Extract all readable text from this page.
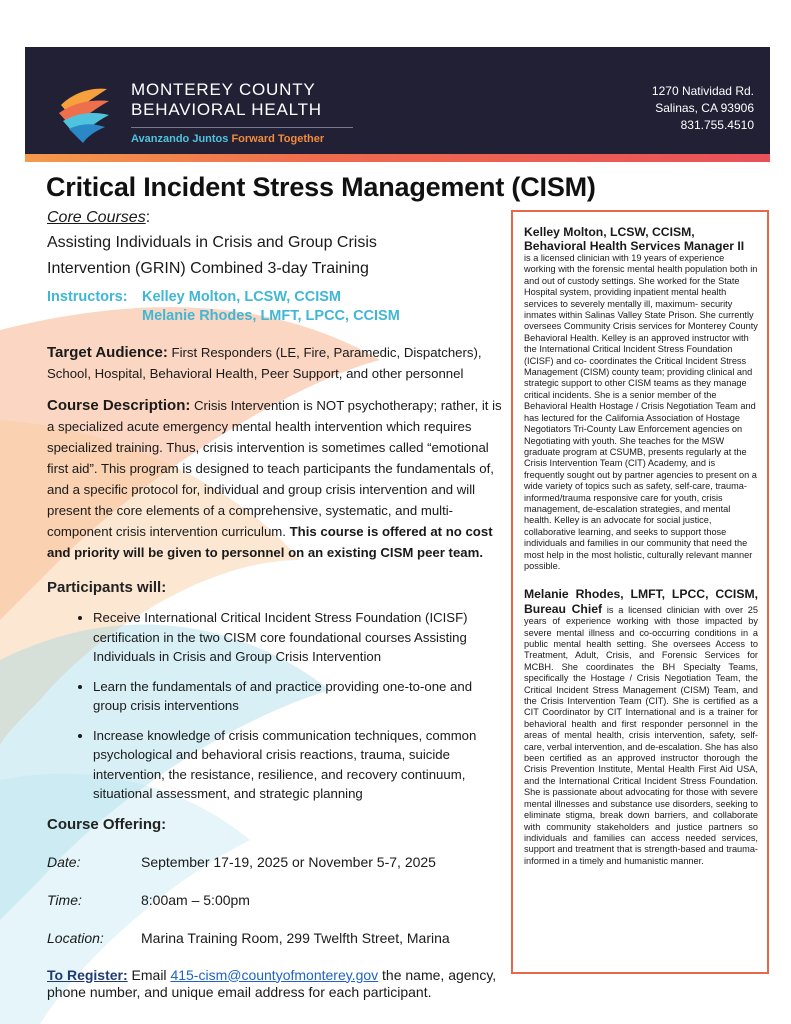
MONTEREY COUNTY
BEHAVIORAL HEALTH
Avanzando Juntos Forward Together
1270 Natividad Rd.
Salinas, CA 93906
831.755.4510
Critical Incident Stress Management (CISM)

Core Courses:

Assisting Individuals in Crisis and Group Crisis
Intervention (GRIN) Combined 3-day Training

Instructors: Kelley Molton, LCSW, CCISM
Melanie Rhodes, LMFT, LPCC, CCISM

Target Audience: First Responders (LE, Fire, Paramedic, Dispatchers), School, Hospital, Behavioral Health, Peer Support, and other personnel

Course Description: Crisis Intervention is NOT psychotherapy; rather, it is a specialized acute emergency mental health intervention which requires specialized training. Thus, crisis intervention is sometimes called “emotional first aid”. This program is designed to teach participants the fundamentals of, and a specific protocol for, individual and group crisis intervention and will present the core elements of a comprehensive, systematic, and multi-component crisis intervention curriculum. This course is offered at no cost and priority will be given to personnel on an existing CISM peer team.

Participants will:

• Receive International Critical Incident Stress Foundation (ICISF) certification in the two CISM core foundational courses Assisting Individuals in Crisis and Group Crisis Intervention
• Learn the fundamentals of and practice providing one-to-one and group crisis interventions
• Increase knowledge of crisis communication techniques, common psychological and behavioral crisis reactions, trauma, suicide intervention, the resistance, resilience, and recovery continuum, situational assessment, and strategic planning

Course Offering:

Date:	September 17-19, 2025 or November 5-7, 2025
Time:	8:00am – 5:00pm
Location:	Marina Training Room, 299 Twelfth Street, Marina
To Register: Email 415-cism@countyofmonterey.gov the name, agency, phone number, and unique email address for each participant.
Kelley Molton, LCSW, CCISM,
Behavioral Health Services Manager II
is a licensed clinician with 19 years of experience working with the forensic mental health population both in and out of custody settings. She worked for the State Hospital system, providing inpatient mental health services to severely mentally ill, maximum- security inmates within Salinas Valley State Prison. She currently oversees Community Crisis services for Monterey County Behavioral Health. Kelley is an approved instructor with the International Critical Incident Stress Foundation (ICISF) and co- coordinates the Critical Incident Stress Management (CISM) county team; providing clinical and strategic support to other CISM teams as they manage critical incidents. She is a senior member of the Behavioral Health Hostage / Crisis Negotiation Team and has lectured for the California Association of Hostage Negotiators Tri-County Law Enforcement agencies on Negotiating with youth. She teaches for the MSW graduate program at CSUMB, presents regularly at the Crisis Intervention Team (CIT) Academy, and is frequently sought out by partner agencies to present on a wide variety of topics such as safety, self-care, trauma-informed/trauma responsive care for youth, crisis management, de-escalation strategies, and mental health. Kelley is an advocate for social justice, collaborative learning, and seeks to support those individuals and families in our community that need the most help in the most holistic, culturally relevant manner possible.
Melanie Rhodes, LMFT, LPCC, CCISM, Bureau Chief is a licensed clinician with over 25 years of experience working with those impacted by severe mental illness and co-occurring conditions in a public mental health setting. She oversees Access to Treatment, Adult, Crisis, and Forensic Services for MCBH. She coordinates the BH Specialty Teams, specifically the Hostage / Crisis Negotiation Team, the Critical Incident Stress Management (CISM) Team, and the Crisis Intervention Team (CIT). She is certified as a CIT Coordinator by CIT International and is a trainer for behavioral health and first responder personnel in the areas of mental health, crisis intervention, safety, self-care, verbal intervention, and de-escalation. She has also been certified as an approved instructor thorough the Crisis Prevention Institute, Mental Health First Aid USA, and the International Critical Incident Stress Foundation. She is passionate about advocating for those with severe mental illnesses and substance use disorders, seeking to eliminate stigma, break down barriers, and collaborate with community stakeholders and justice partners so individuals and families can access needed services, support and treatment that is strength-based and trauma- informed in a timely and humanistic manner.
